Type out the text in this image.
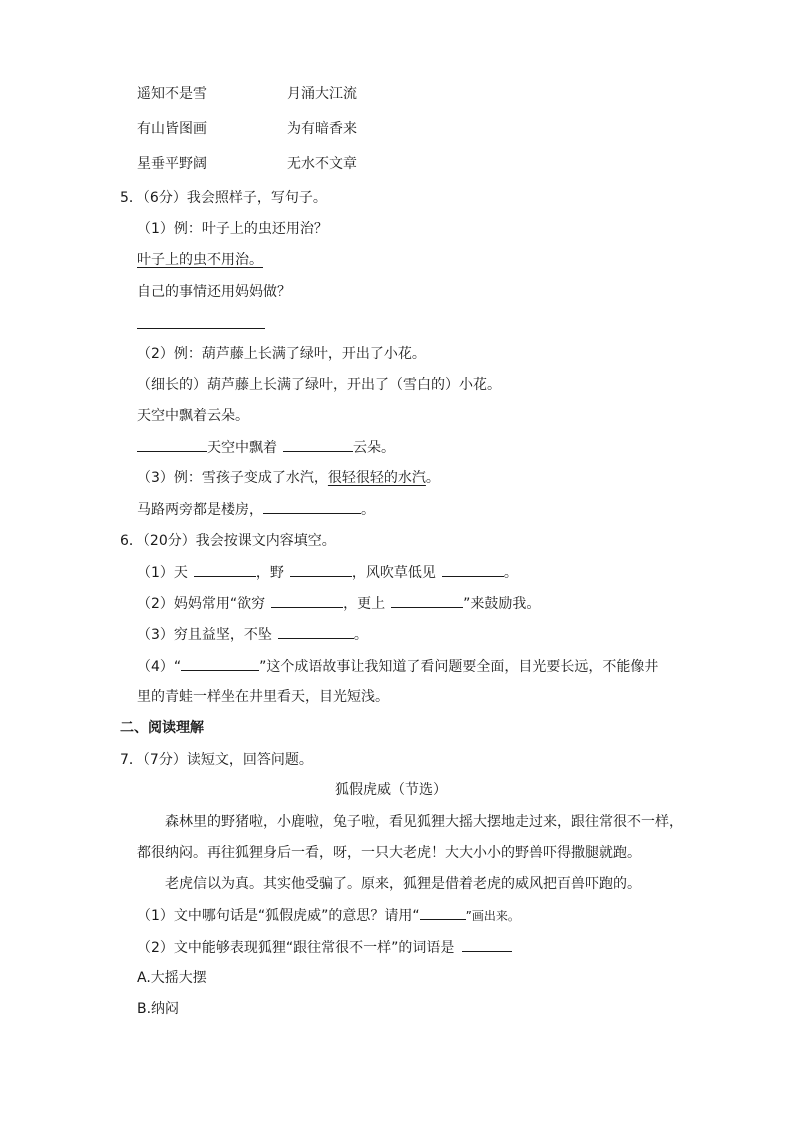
遥知不是雪	月涌大江流
有山皆图画	为有暗香来
星垂平野阔	无水不文章
5．（6分）我会照样子，写句子。
（1）例：叶子上的虫还用治？
叶子上的虫不用治。
自己的事情还用妈妈做？
（2）例：葫芦藤上长满了绿叶，开出了小花。
（细长的）葫芦藤上长满了绿叶，开出了（雪白的）小花。
天空中飘着云朵。
天空中飘着	云朵。
（3）例：雪孩子变成了水汽，很轻很轻的水汽。
马路两旁都是楼房，	。
6．（20分）我会按课文内容填空。
（1）天	，野	，风吹草低见	。
（2）妈妈常用“欲穷	，更上	”来鼓励我。
（3）穷且益坚，不坠	。
（4）“	”这个成语故事让我知道了看问题要全面，目光要长远，不能像井
里的青蛙一样坐在井里看天，目光短浅。
二、阅读理解
7．（7分）读短文，回答问题。
狐假虎威（节选）
森林里的野猪啦，小鹿啦，兔子啦，看见狐狸大摇大摆地走过来，跟往常很不一样，
都很纳闷。再往狐狸身后一看，呀，一只大老虎！大大小小的野兽吓得撒腿就跑。
老虎信以为真。其实他受骗了。原来，狐狸是借着老虎的威风把百兽吓跑的。
（1）文中哪句话是“狐假虎威”的意思？请用“	”画出来。
（2）文中能够表现狐狸“跟往常很不一样”的词语是
A.大摇大摆
B.纳闷
